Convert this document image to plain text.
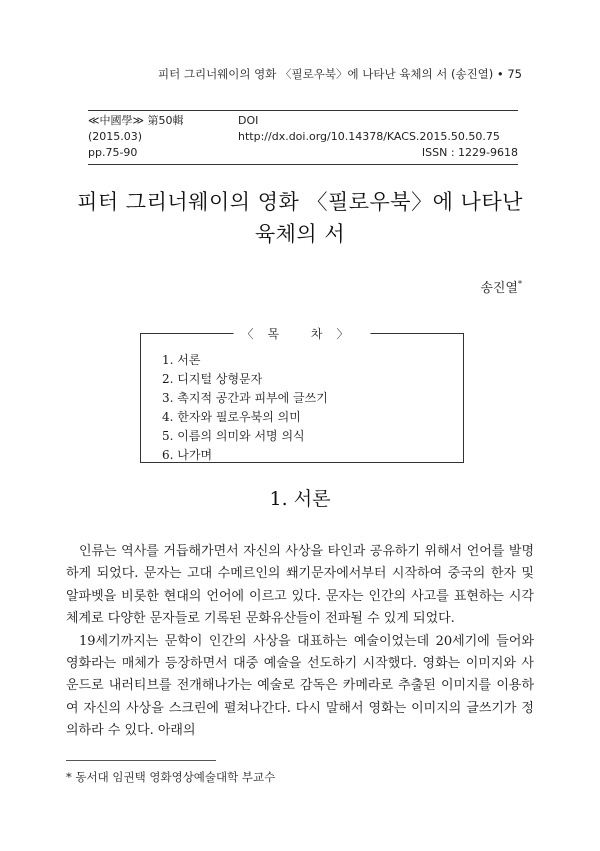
피터 그리너웨이의 영화 〈필로우북〉에 나타난 육체의 서 (송진열) • 75
≪中國學≫ 第50輯 (2015.03)
DOI http://dx.doi.org/10.14378/KACS.2015.50.50.75
pp.75-90	ISSN : 1229-9618
피터 그리너웨이의 영화 〈필로우북〉에 나타난
육체의 서
송진열*
〈목 차〉
1. 서론
2. 디지털 상형문자
3. 촉지적 공간과 피부에 글쓰기
4. 한자와 필로우북의 의미
5. 이름의 의미와 서명 의식
6. 나가며
1. 서론

인류는 역사를 거듭해가면서 자신의 사상을 타인과 공유하기 위해서 언어를 발명하게 되었다. 문자는 고대 수메르인의 쐐기문자에서부터 시작하여 중국의 한자 및 알파벳을 비롯한 현대의 언어에 이르고 있다. 문자는 인간의 사고를 표현하는 시각체계로 다양한 문자들로 기록된 문화유산들이 전파될 수 있게 되었다.

19세기까지는 문학이 인간의 사상을 대표하는 예술이었는데 20세기에 들어와 영화라는 매체가 등장하면서 대중 예술을 선도하기 시작했다. 영화는 이미지와 사운드로 내러티브를 전개해나가는 예술로 감독은 카메라로 추출된 이미지를 이용하여 자신의 사상을 스크린에 펼쳐나간다. 다시 말해서 영화는 이미지의 글쓰기가 정의하라 수 있다. 아래의

* 동서대 임권택 영화영상예술대학 부교수
